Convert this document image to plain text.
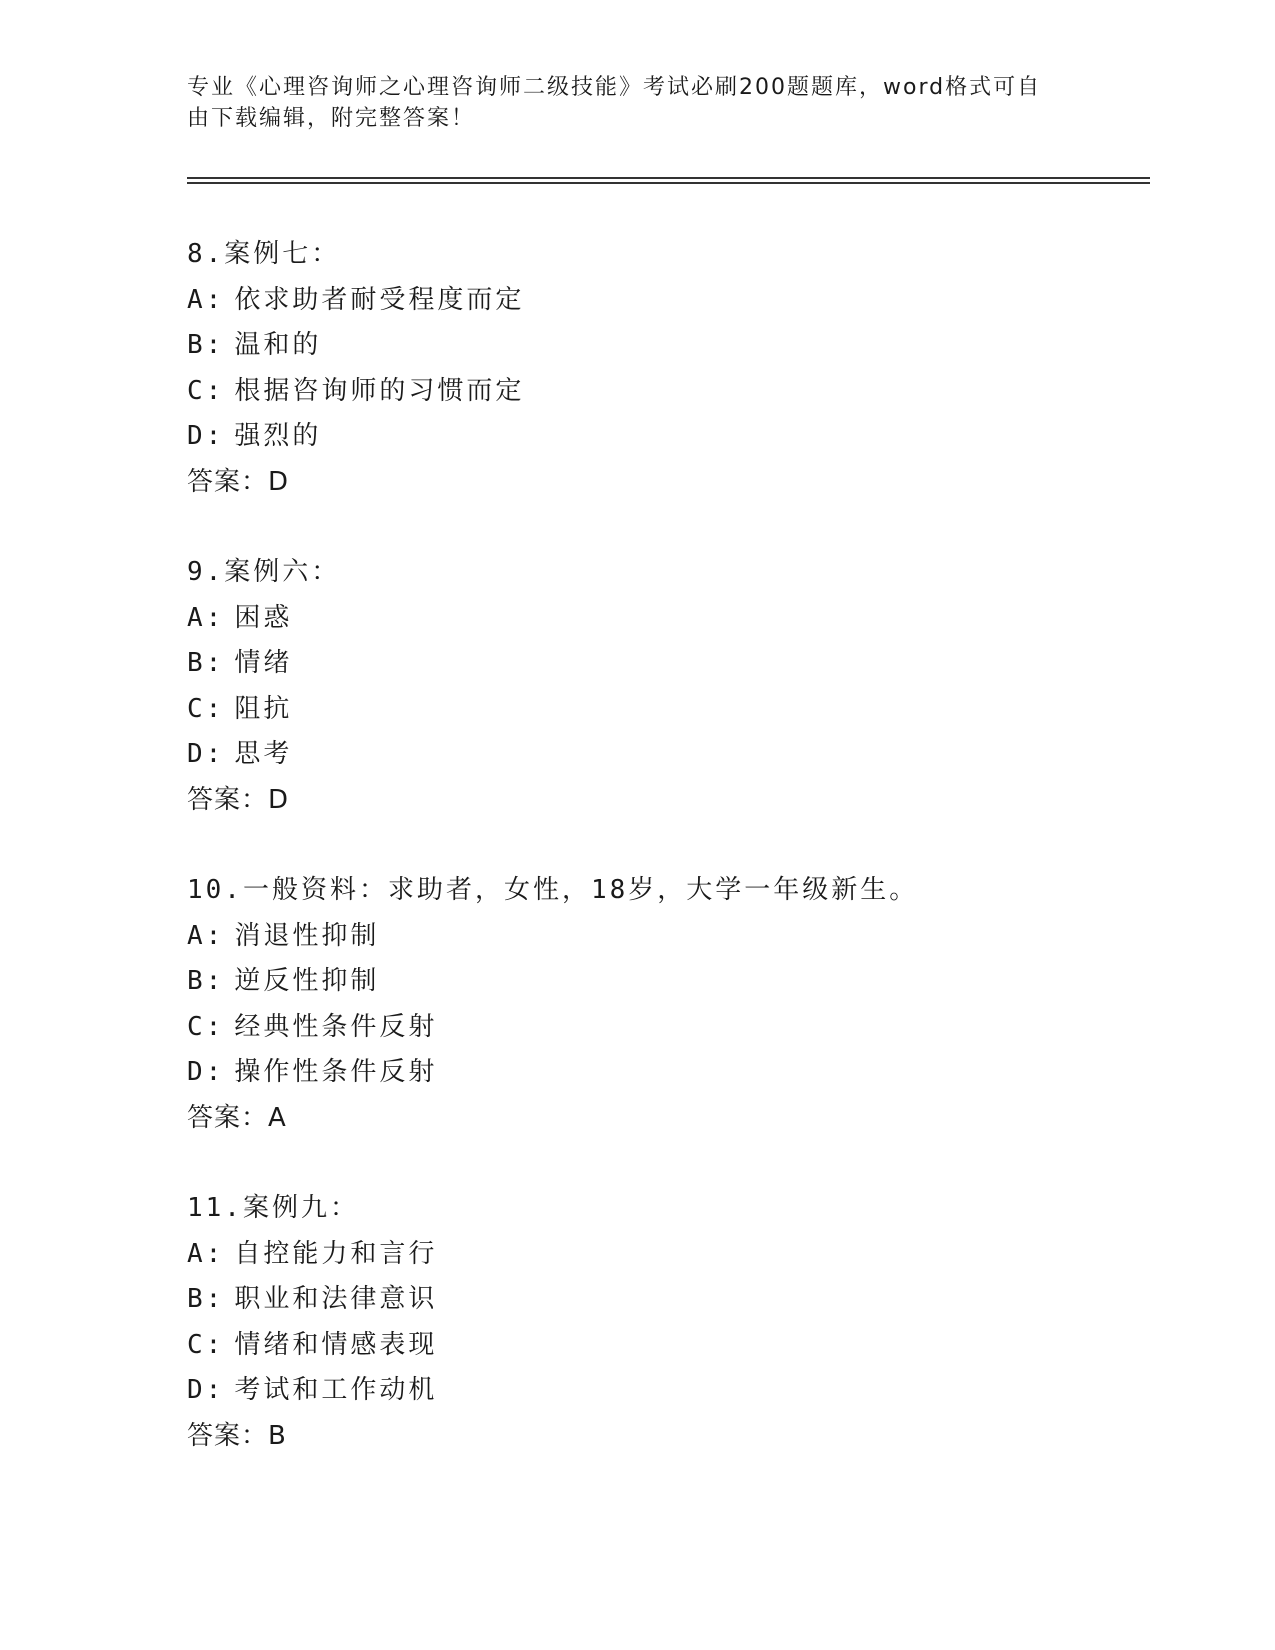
专业《心理咨询师之心理咨询师二级技能》考试必刷200题题库，word格式可自
由下载编辑，附完整答案！
8.案例七：
A: 依求助者耐受程度而定
B: 温和的
C: 根据咨询师的习惯而定
D: 强烈的
答案：D
9.案例六：
A: 困惑
B: 情绪
C: 阻抗
D: 思考
答案：D
10.一般资料：求助者，女性，18岁，大学一年级新生。
A: 消退性抑制
B: 逆反性抑制
C: 经典性条件反射
D: 操作性条件反射
答案：A
11.案例九：
A: 自控能力和言行
B: 职业和法律意识
C: 情绪和情感表现
D: 考试和工作动机
答案：B
